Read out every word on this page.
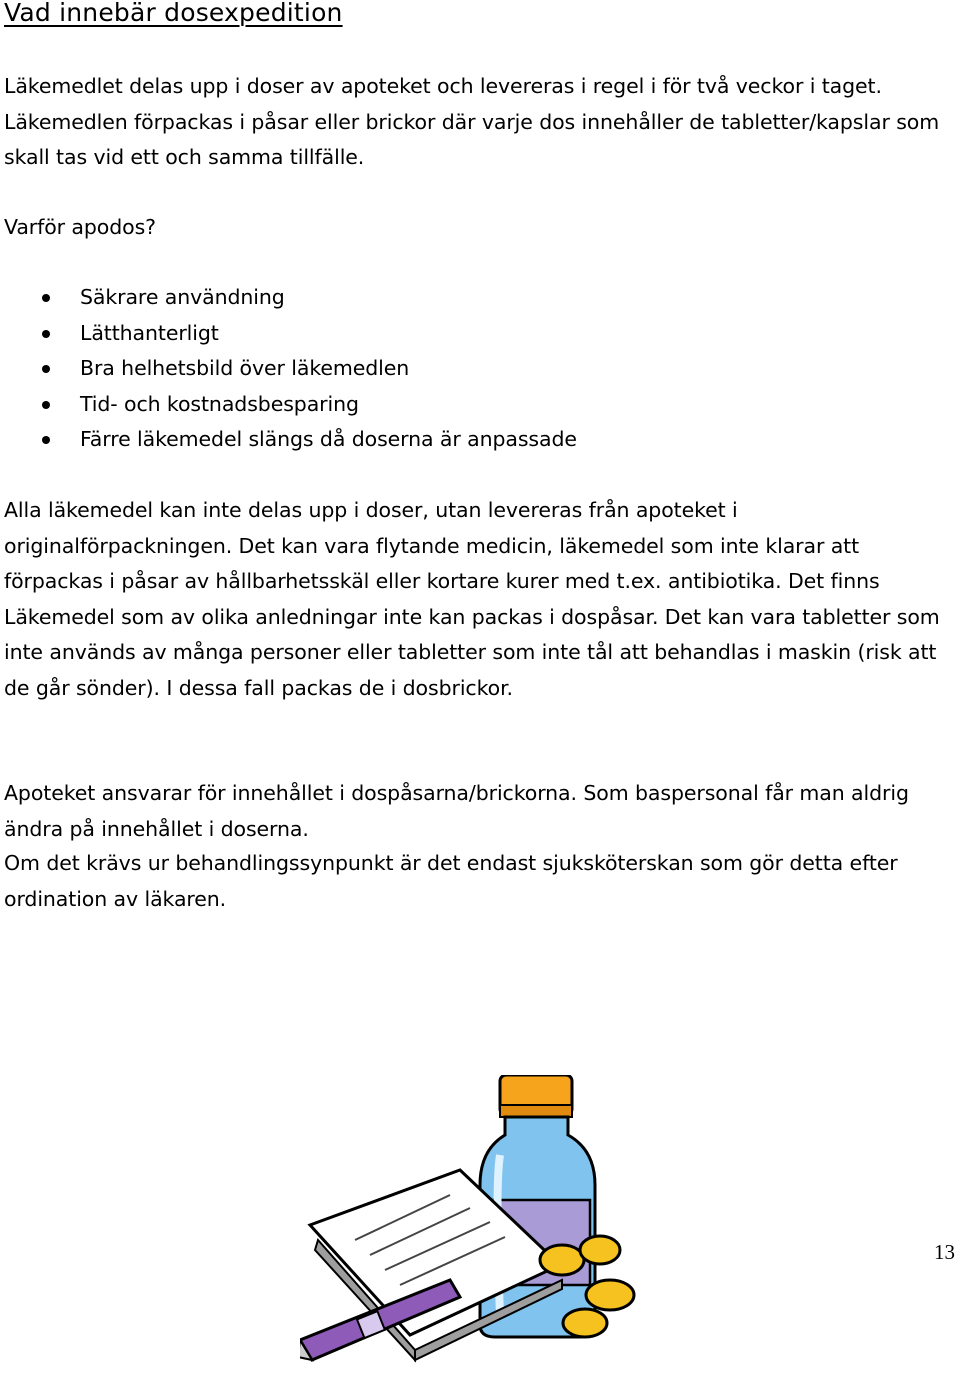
Vad innebär dosexpedition

Läkemedlet delas upp i doser av apoteket och levereras i regel i för två veckor i taget. Läkemedlen förpackas i påsar eller brickor där varje dos innehåller de tabletter/kapslar som skall tas vid ett och samma tillfälle.

Varför apodos?

Säkrare användning
Lätthanterligt
Bra helhetsbild över läkemedlen
Tid- och kostnadsbesparing
Färre läkemedel slängs då doserna är anpassade

Alla läkemedel kan inte delas upp i doser, utan levereras från apoteket i originalförpackningen. Det kan vara flytande medicin, läkemedel som inte klarar att förpackas i påsar av hållbarhetsskäl eller kortare kurer med t.ex. antibiotika. Det finns Läkemedel som av olika anledningar inte kan packas i dospåsar. Det kan vara tabletter som inte används av många personer eller tabletter som inte tål att behandlas i maskin (risk att de går sönder). I dessa fall packas de i dosbrickor.

Apoteket ansvarar för innehållet i dospåsarna/brickorna. Som baspersonal får man aldrig ändra på innehållet i doserna.

Om det krävs ur behandlingssynpunkt är det endast sjuksköterskan som gör detta efter ordination av läkaren.

13
